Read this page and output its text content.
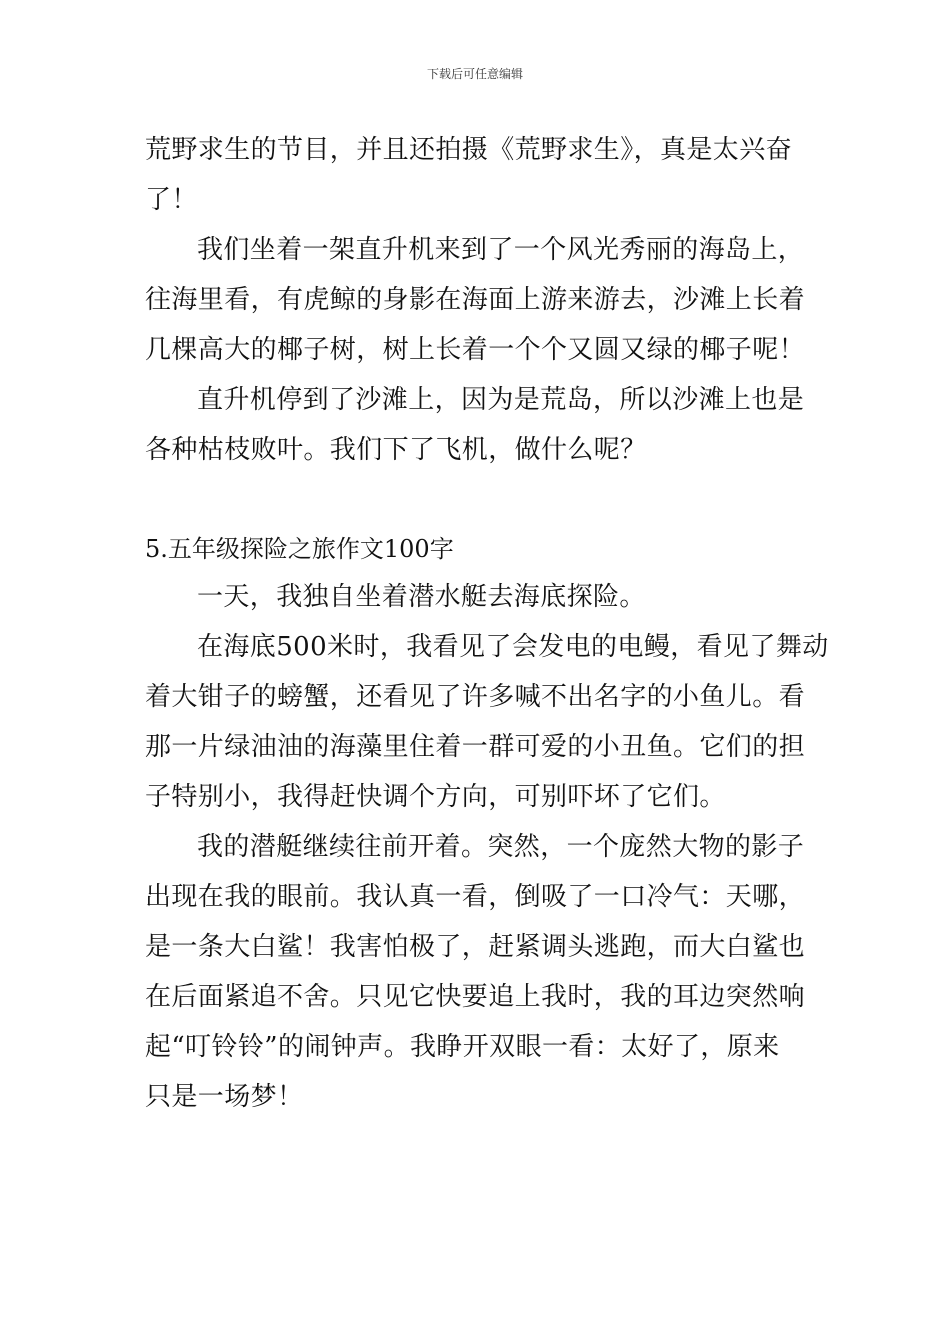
下载后可任意编辑
荒野求生的节目，并且还拍摄《荒野求生》，真是太兴奋
了！
我们坐着一架直升机来到了一个风光秀丽的海岛上，
往海里看，有虎鲸的身影在海面上游来游去，沙滩上长着
几棵高大的椰子树，树上长着一个个又圆又绿的椰子呢！
直升机停到了沙滩上，因为是荒岛，所以沙滩上也是
各种枯枝败叶。我们下了飞机，做什么呢？
5.五年级探险之旅作文100字
一天，我独自坐着潜水艇去海底探险。
在海底500米时，我看见了会发电的电鳗，看见了舞动
着大钳子的螃蟹，还看见了许多喊不出名字的小鱼儿。看
那一片绿油油的海藻里住着一群可爱的小丑鱼。它们的担
子特别小，我得赶快调个方向，可别吓坏了它们。
我的潜艇继续往前开着。突然，一个庞然大物的影子
出现在我的眼前。我认真一看，倒吸了一口冷气：天哪，
是一条大白鲨！我害怕极了，赶紧调头逃跑，而大白鲨也
在后面紧追不舍。只见它快要追上我时，我的耳边突然响
起“叮铃铃”的闹钟声。我睁开双眼一看：太好了，原来
只是一场梦！
